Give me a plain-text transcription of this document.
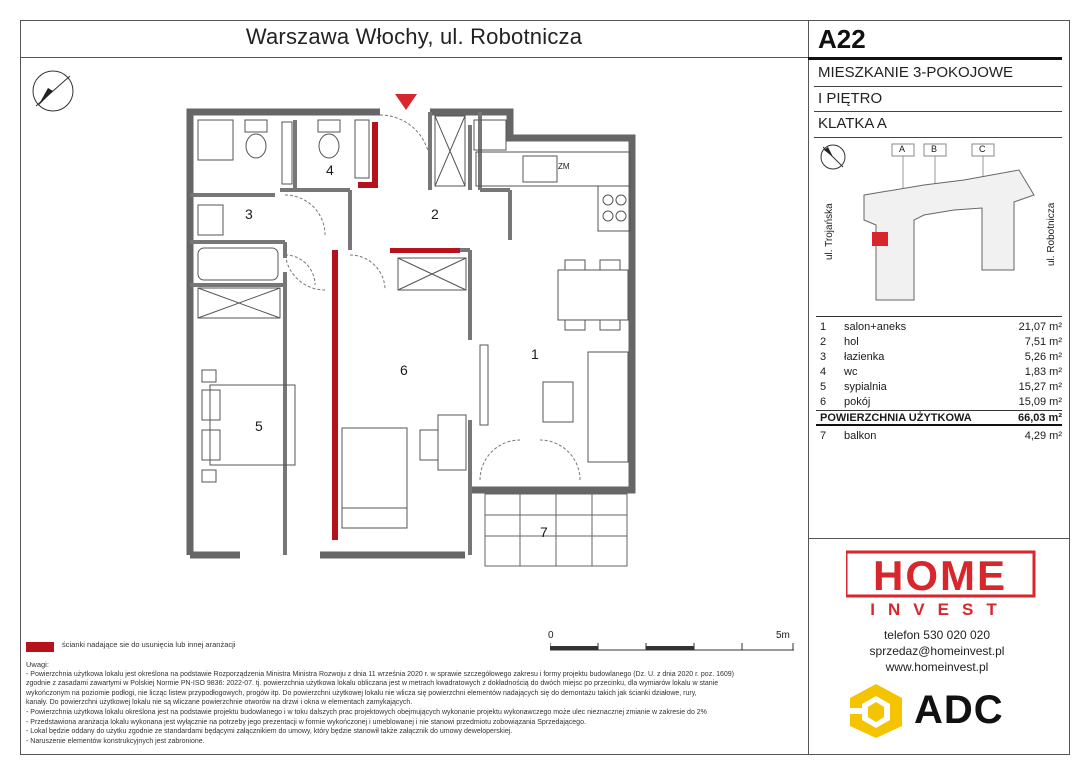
Warszawa Włochy, ul. Robotnicza
1
2
3
4
5
6
7
ZM
A22
MIESZKANIE 3-POKOJOWE
I PIĘTRO
KLATKA A
ul. Trojańska	ul. Robotnicza
A	B	C
1	salon+aneks	21,07 m²
2	hol	7,51 m²
3	łazienka	5,26 m²
4	wc	1,83 m²
5	sypialnia	15,27 m²
6	pokój	15,09 m²
POWIERZCHNIA UŻYTKOWA	66,03 m²
7	balkon	4,29 m²
HOME
INVEST
telefon 530 020 020
sprzedaz@homeinvest.pl
www.homeinvest.pl
ADC
ścianki nadające sie do usunięcia lub innej aranżacji
0	5m
Uwagi:
- Powierzchnia użytkowa lokalu jest określona na podstawie Rozporządzenia Ministra Ministra Rozwoju z dnia 11 września 2020 r. w sprawie szczegółowego zakresu i formy projektu budowlanego (Dz. U. z dnia 2020 r. poz. 1609)
zgodnie z zasadami zawartymi w Polskiej Normie PN-ISO 9836: 2022-07. tj. powierzchnia użytkowa lokalu obliczana jest w metrach kwadratowych z dokładnością do dwóch miejsc po przecinku, dla wymiarów lokalu w stanie
wykończonym na poziomie podłogi, nie licząc listew przypodłogowych, progów itp. Do powierzchni użytkowej lokalu nie wlicza się powierzchni elementów nadających się do demontażu takich jak ścianki działowe, rury,
kanały. Do powierzchni użytkowej lokalu nie są wliczane powierzchnie otworów na drzwi i okna w elementach zamykających.
- Powierzchnia użytkowa lokalu określona jest na podstawie projektu budowlanego i w toku dalszych prac projektowych obejmujących wykonanie projektu wykonawczego może ulec nieznacznej zmianie w zakresie do 2%
- Przedstawiona aranżacja lokalu wykonana jest wyłącznie na potrzeby jego prezentacji w formie wykończonej i umeblowanej i nie stanowi przedmiotu zobowiązania Sprzedającego.
- Lokal będzie oddany do użytku zgodnie ze standardami będącymi załącznikiem do umowy, który będzie stanowił także załącznik do umowy deweloperskiej.
- Naruszenie elementów konstrukcyjnych jest zabronione.
